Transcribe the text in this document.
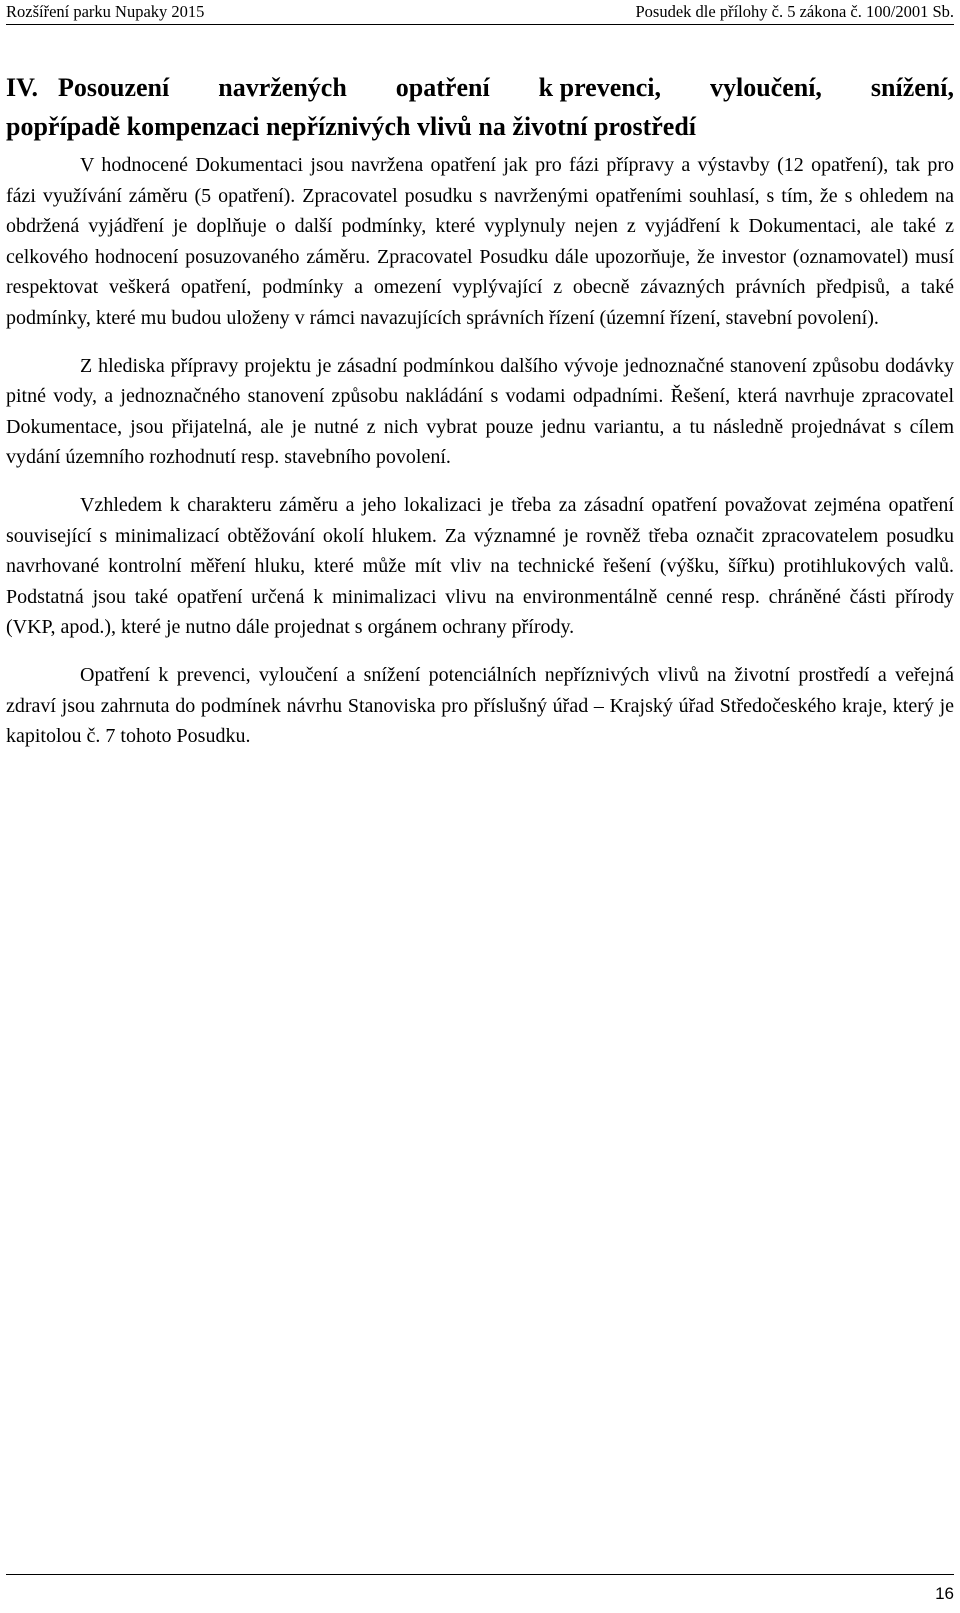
Rozšíření parku Nupaky 2015	Posudek dle přílohy č. 5 zákona č. 100/2001 Sb.
IV. Posouzení navržených opatření k prevenci, vyloučení, snížení,
popřípadě kompenzaci nepříznivých vlivů na životní prostředí

V hodnocené Dokumentaci jsou navržena opatření jak pro fázi přípravy a výstavby (12 opatření), tak pro fázi využívání záměru (5 opatření). Zpracovatel posudku s navrženými opatřeními souhlasí, s tím, že s ohledem na obdržená vyjádření je doplňuje o další podmínky, které vyplynuly nejen z vyjádření k Dokumentaci, ale také z celkového hodnocení posuzovaného záměru. Zpracovatel Posudku dále upozorňuje, že investor (oznamovatel) musí respektovat veškerá opatření, podmínky a omezení vyplývající z obecně závazných právních předpisů, a také podmínky, které mu budou uloženy v rámci navazujících správních řízení (územní řízení, stavební povolení).

Z hlediska přípravy projektu je zásadní podmínkou dalšího vývoje jednoznačné stanovení způsobu dodávky pitné vody, a jednoznačného stanovení způsobu nakládání s vodami odpadními. Řešení, která navrhuje zpracovatel Dokumentace, jsou přijatelná, ale je nutné z nich vybrat pouze jednu variantu, a tu následně projednávat s cílem vydání územního rozhodnutí resp. stavebního povolení.

Vzhledem k charakteru záměru a jeho lokalizaci je třeba za zásadní opatření považovat zejména opatření související s minimalizací obtěžování okolí hlukem. Za významné je rovněž třeba označit zpracovatelem posudku navrhované kontrolní měření hluku, které může mít vliv na technické řešení (výšku, šířku) protihlukových valů. Podstatná jsou také opatření určená k minimalizaci vlivu na environmentálně cenné resp. chráněné části přírody (VKP, apod.), které je nutno dále projednat s orgánem ochrany přírody.

Opatření k prevenci, vyloučení a snížení potenciálních nepříznivých vlivů na životní prostředí a veřejná zdraví jsou zahrnuta do podmínek návrhu Stanoviska pro příslušný úřad – Krajský úřad Středočeského kraje, který je kapitolou č. 7 tohoto Posudku.

16
